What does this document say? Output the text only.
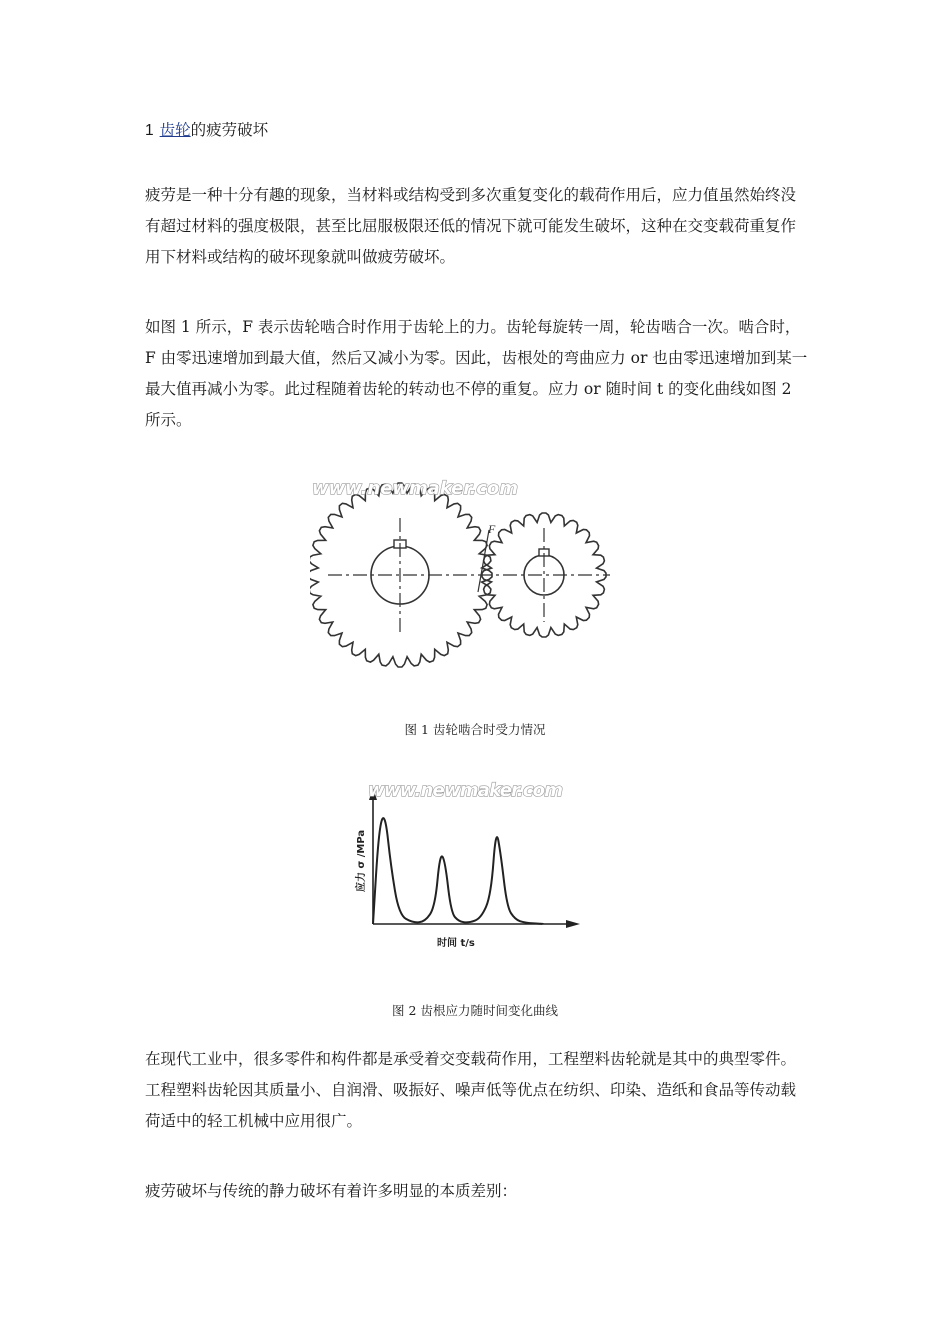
1 齿轮的疲劳破坏
疲劳是一种十分有趣的现象，当材料或结构受到多次重复变化的载荷作用后，应力值虽然始终没有超过材料的强度极限，甚至比屈服极限还低的情况下就可能发生破坏，这种在交变载荷重复作用下材料或结构的破坏现象就叫做疲劳破坏。
如图 1 所示，F 表示齿轮啮合时作用于齿轮上的力。齿轮每旋转一周，轮齿啮合一次。啮合时，F 由零迅速增加到最大值，然后又减小为零。因此，齿根处的弯曲应力 or 也由零迅速增加到某一最大值再减小为零。此过程随着齿轮的转动也不停的重复。应力 or 随时间 t 的变化曲线如图 2 所示。
F
www.newmaker.com
图 1 齿轮啮合时受力情况
应力 σ /MPa
时间 t/s
www.newmaker.com
图 2 齿根应力随时间变化曲线
在现代工业中，很多零件和构件都是承受着交变载荷作用，工程塑料齿轮就是其中的典型零件。工程塑料齿轮因其质量小、自润滑、吸振好、噪声低等优点在纺织、印染、造纸和食品等传动载荷适中的轻工机械中应用很广。
疲劳破坏与传统的静力破坏有着许多明显的本质差别：
